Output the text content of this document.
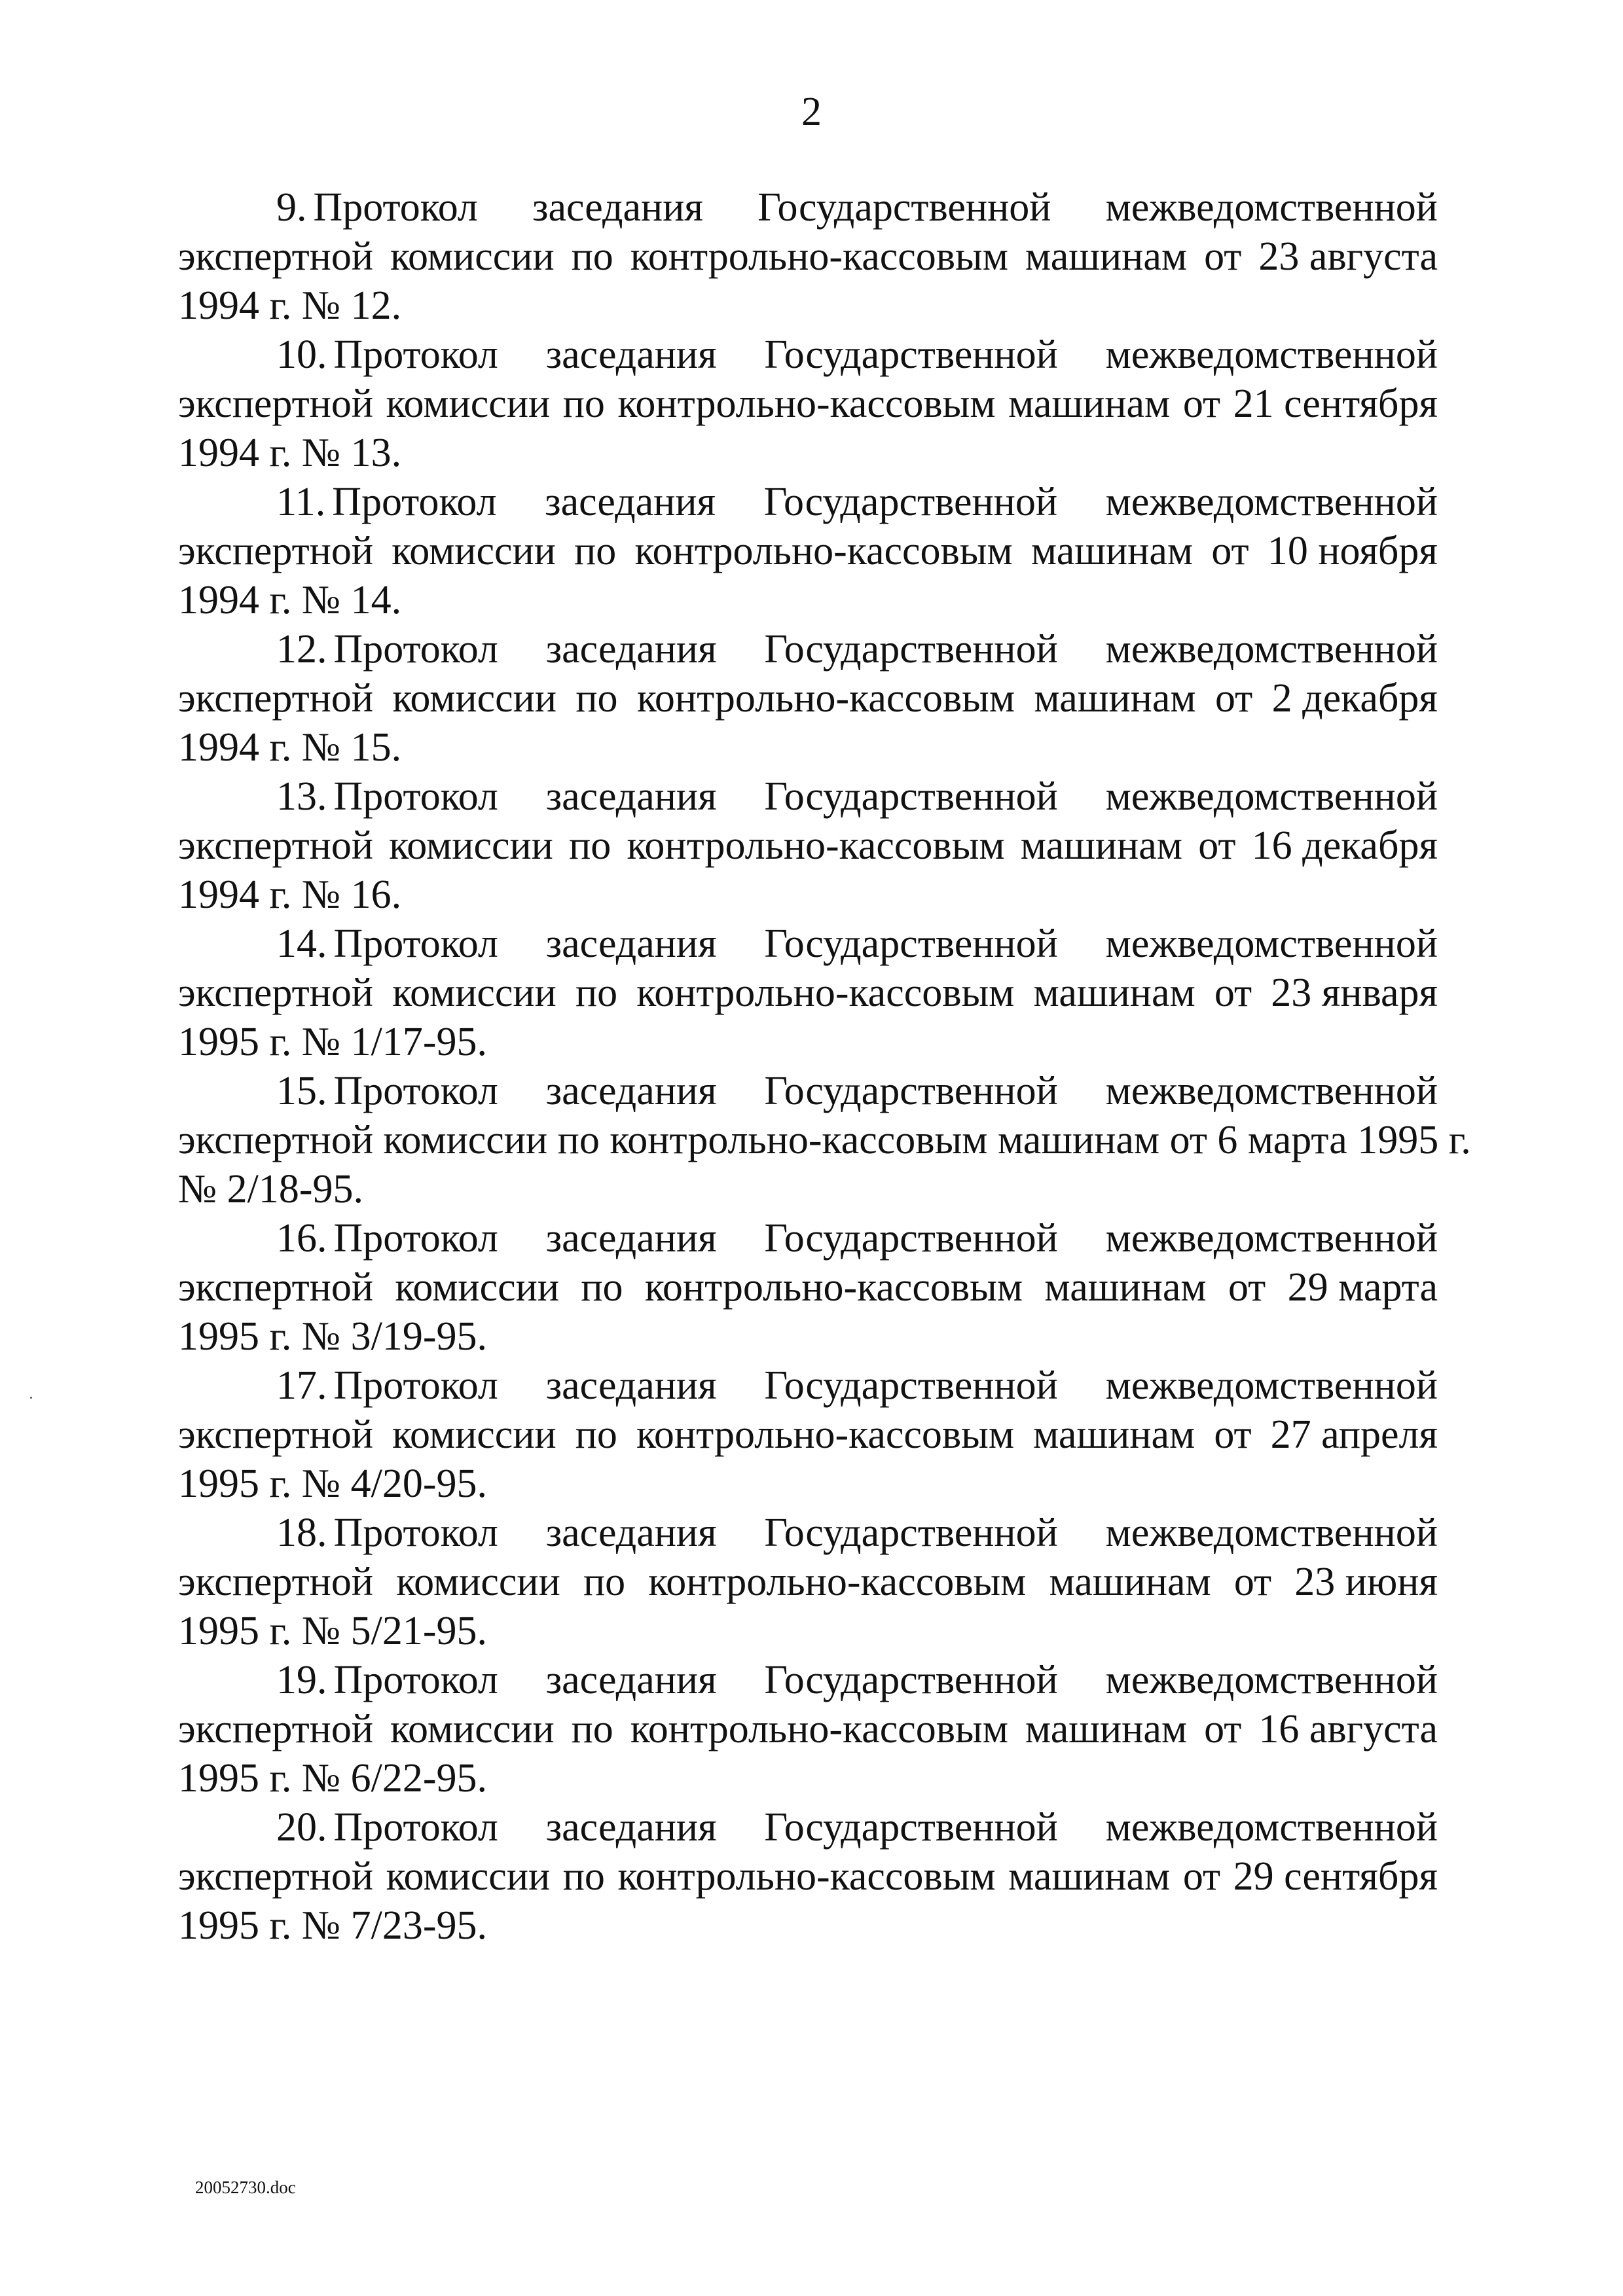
2
9. Протокол заседания Государственной межведомственной
экспертной комиссии по контрольно-кассовым машинам от 23 августа
1994 г. № 12.
10. Протокол заседания Государственной межведомственной
экспертной комиссии по контрольно-кассовым машинам от 21 сентября
1994 г. № 13.
11. Протокол заседания Государственной межведомственной
экспертной комиссии по контрольно-кассовым машинам от 10 ноября
1994 г. № 14.
12. Протокол заседания Государственной межведомственной
экспертной комиссии по контрольно-кассовым машинам от 2 декабря
1994 г. № 15.
13. Протокол заседания Государственной межведомственной
экспертной комиссии по контрольно-кассовым машинам от 16 декабря
1994 г. № 16.
14. Протокол заседания Государственной межведомственной
экспертной комиссии по контрольно-кассовым машинам от 23 января
1995 г. № 1/17-95.
15. Протокол заседания Государственной межведомственной
экспертной комиссии по контрольно-кассовым машинам от 6 марта 1995 г.
№ 2/18-95.
16. Протокол заседания Государственной межведомственной
экспертной комиссии по контрольно-кассовым машинам от 29 марта
1995 г. № 3/19-95.
17. Протокол заседания Государственной межведомственной
экспертной комиссии по контрольно-кассовым машинам от 27 апреля
1995 г. № 4/20-95.
18. Протокол заседания Государственной межведомственной
экспертной комиссии по контрольно-кассовым машинам от 23 июня
1995 г. № 5/21-95.
19. Протокол заседания Государственной межведомственной
экспертной комиссии по контрольно-кассовым машинам от 16 августа
1995 г. № 6/22-95.
20. Протокол заседания Государственной межведомственной
экспертной комиссии по контрольно-кассовым машинам от 29 сентября
1995 г. № 7/23-95.
20052730.doc
